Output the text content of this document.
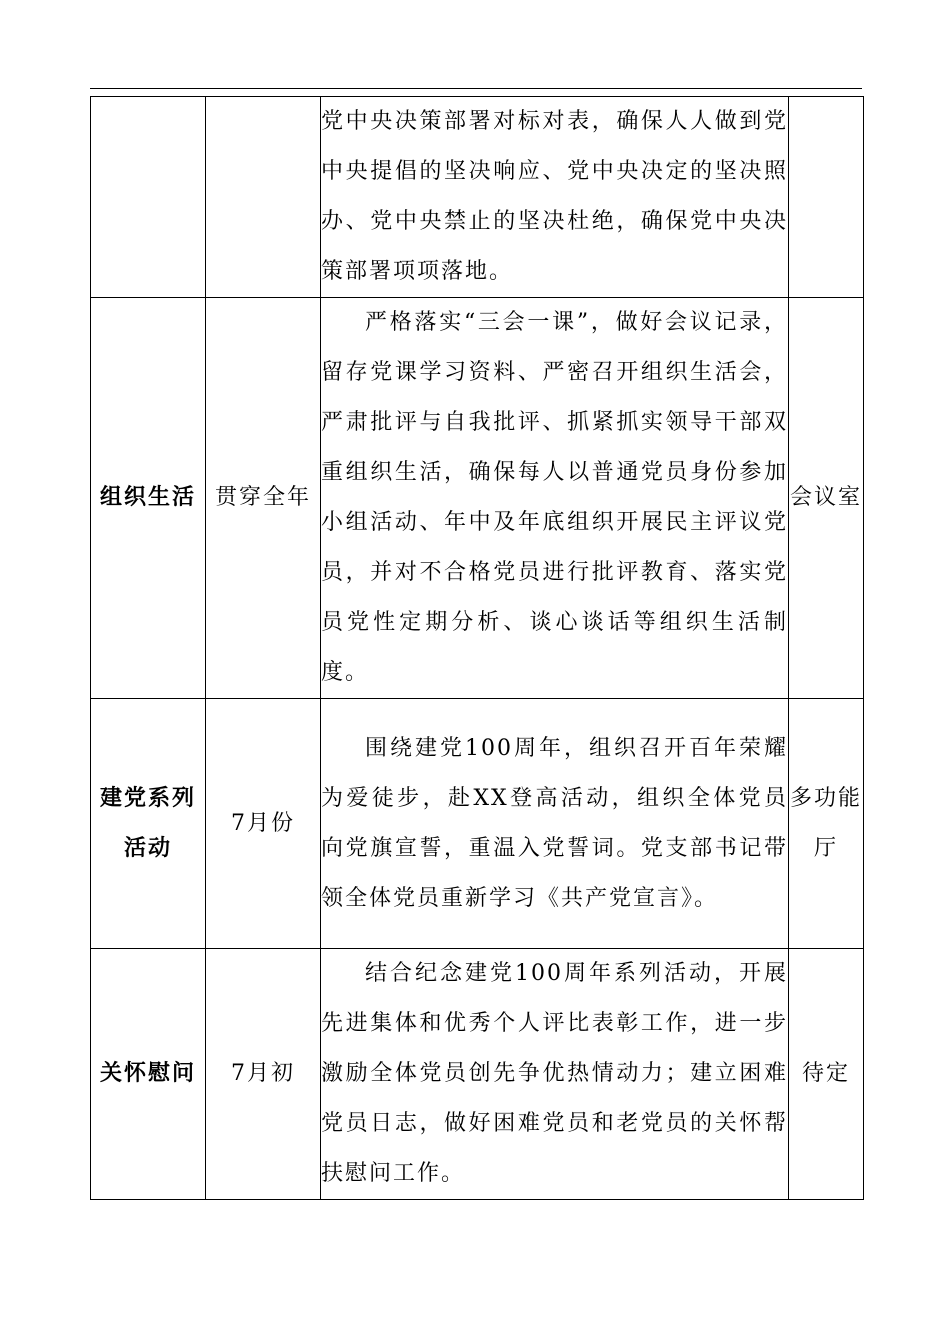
		党中央决策部署对标对表，确保人人做到党中央提倡的坚决响应、党中央决定的坚决照办、党中央禁止的坚决杜绝，确保党中央决策部署项项落地。	

组织生活	贯穿全年	严格落实“三会一课”，做好会议记录，留存党课学习资料、严密召开组织生活会，严肃批评与自我批评、抓紧抓实领导干部双重组织生活，确保每人以普通党员身份参加小组活动、年中及年底组织开展民主评议党员，并对不合格党员进行批评教育、落实党员党性定期分析、谈心谈话等组织生活制度。	会议室
建党系列活动	7月份	围绕建党100周年，组织召开百年荣耀 为爱徒步，赴XX登高活动，组织全体党员向党旗宣誓，重温入党誓词。党支部书记带领全体党员重新学习《共产党宣言》。	多功能厅
关怀慰问	7月初	结合纪念建党100周年系列活动，开展先进集体和优秀个人评比表彰工作，进一步激励全体党员创先争优热情动力；建立困难党员日志，做好困难党员和老党员的关怀帮扶慰问工作。	待定
